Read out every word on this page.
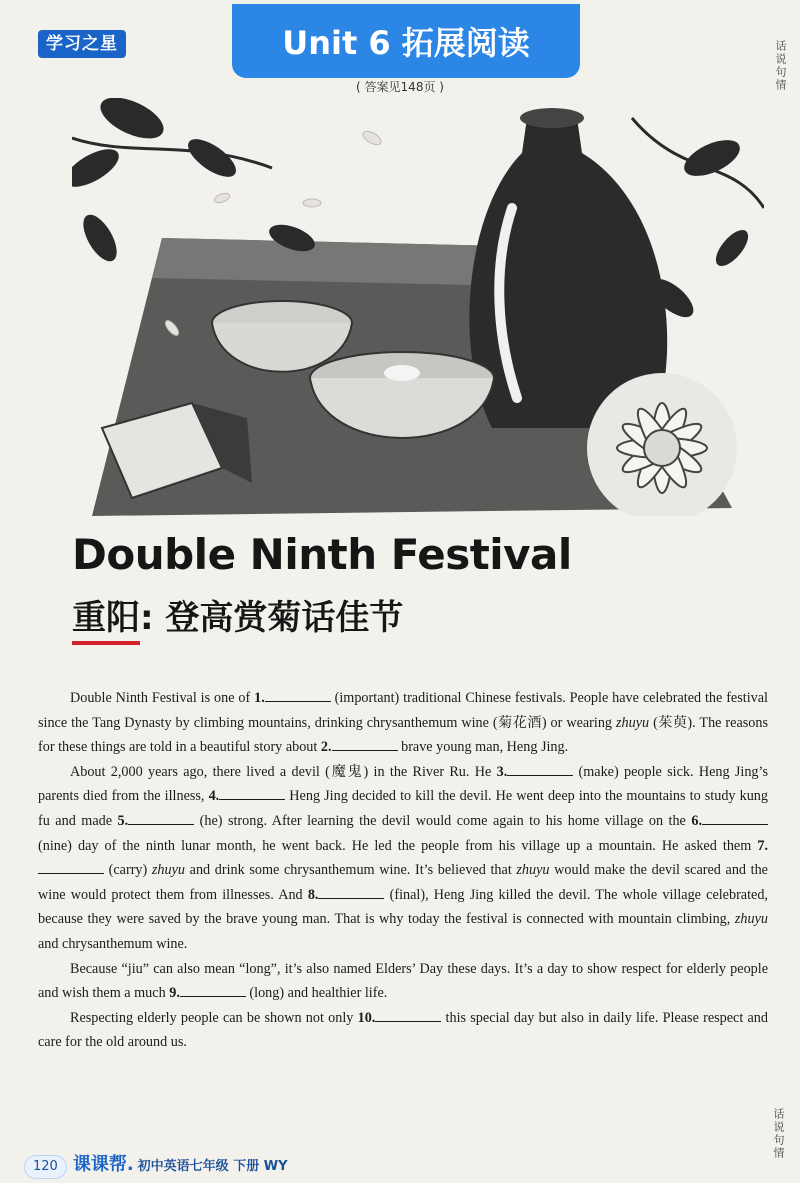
学习之星	Unit 6 拓展阅读
( 答案见148页 )	话说句情
Double Ninth Festival
重阳: 登高赏菊话佳节

Double Ninth Festival is one of 1.	(important) traditional Chinese festivals. People have celebrated the festival since the Tang Dynasty by climbing mountains, drinking chrysanthemum wine (菊花酒) or wearing zhuyu (茱萸). The reasons for these things are told in a beautiful story about 2.	brave young man, Heng Jing.

About 2,000 years ago, there lived a devil (魔鬼) in the River Ru. He 3.	(make) people sick. Heng Jing’s parents died from the illness, 4.	Heng Jing decided to kill the devil. He went deep into the mountains to study kung fu and made 5.	(he) strong. After learning the devil would come again to his home village on the 6. (nine) day of the ninth lunar month, he went back. He led the people from his village up a mountain. He asked them 7. (carry) zhuyu and drink some chrysanthemum wine. It’s believed that zhuyu would make the devil scared and the wine would protect them from illnesses. And 8.	(final), Heng Jing killed the devil. The whole village celebrated, because they were saved by the brave young man. That is why today the festival is connected with mountain climbing, zhuyu and chrysanthemum wine.

Because “jiu” can also mean “long”, it’s also named Elders’ Day these days. It’s a day to show respect for elderly people and wish them a much 9.	(long) and healthier life.

Respecting elderly people can be shown not only 10.	this special day but also in daily life. Please respect and care for the old around us.

话说句情
120 课课帮. 初中英语七年级 下册 WY
